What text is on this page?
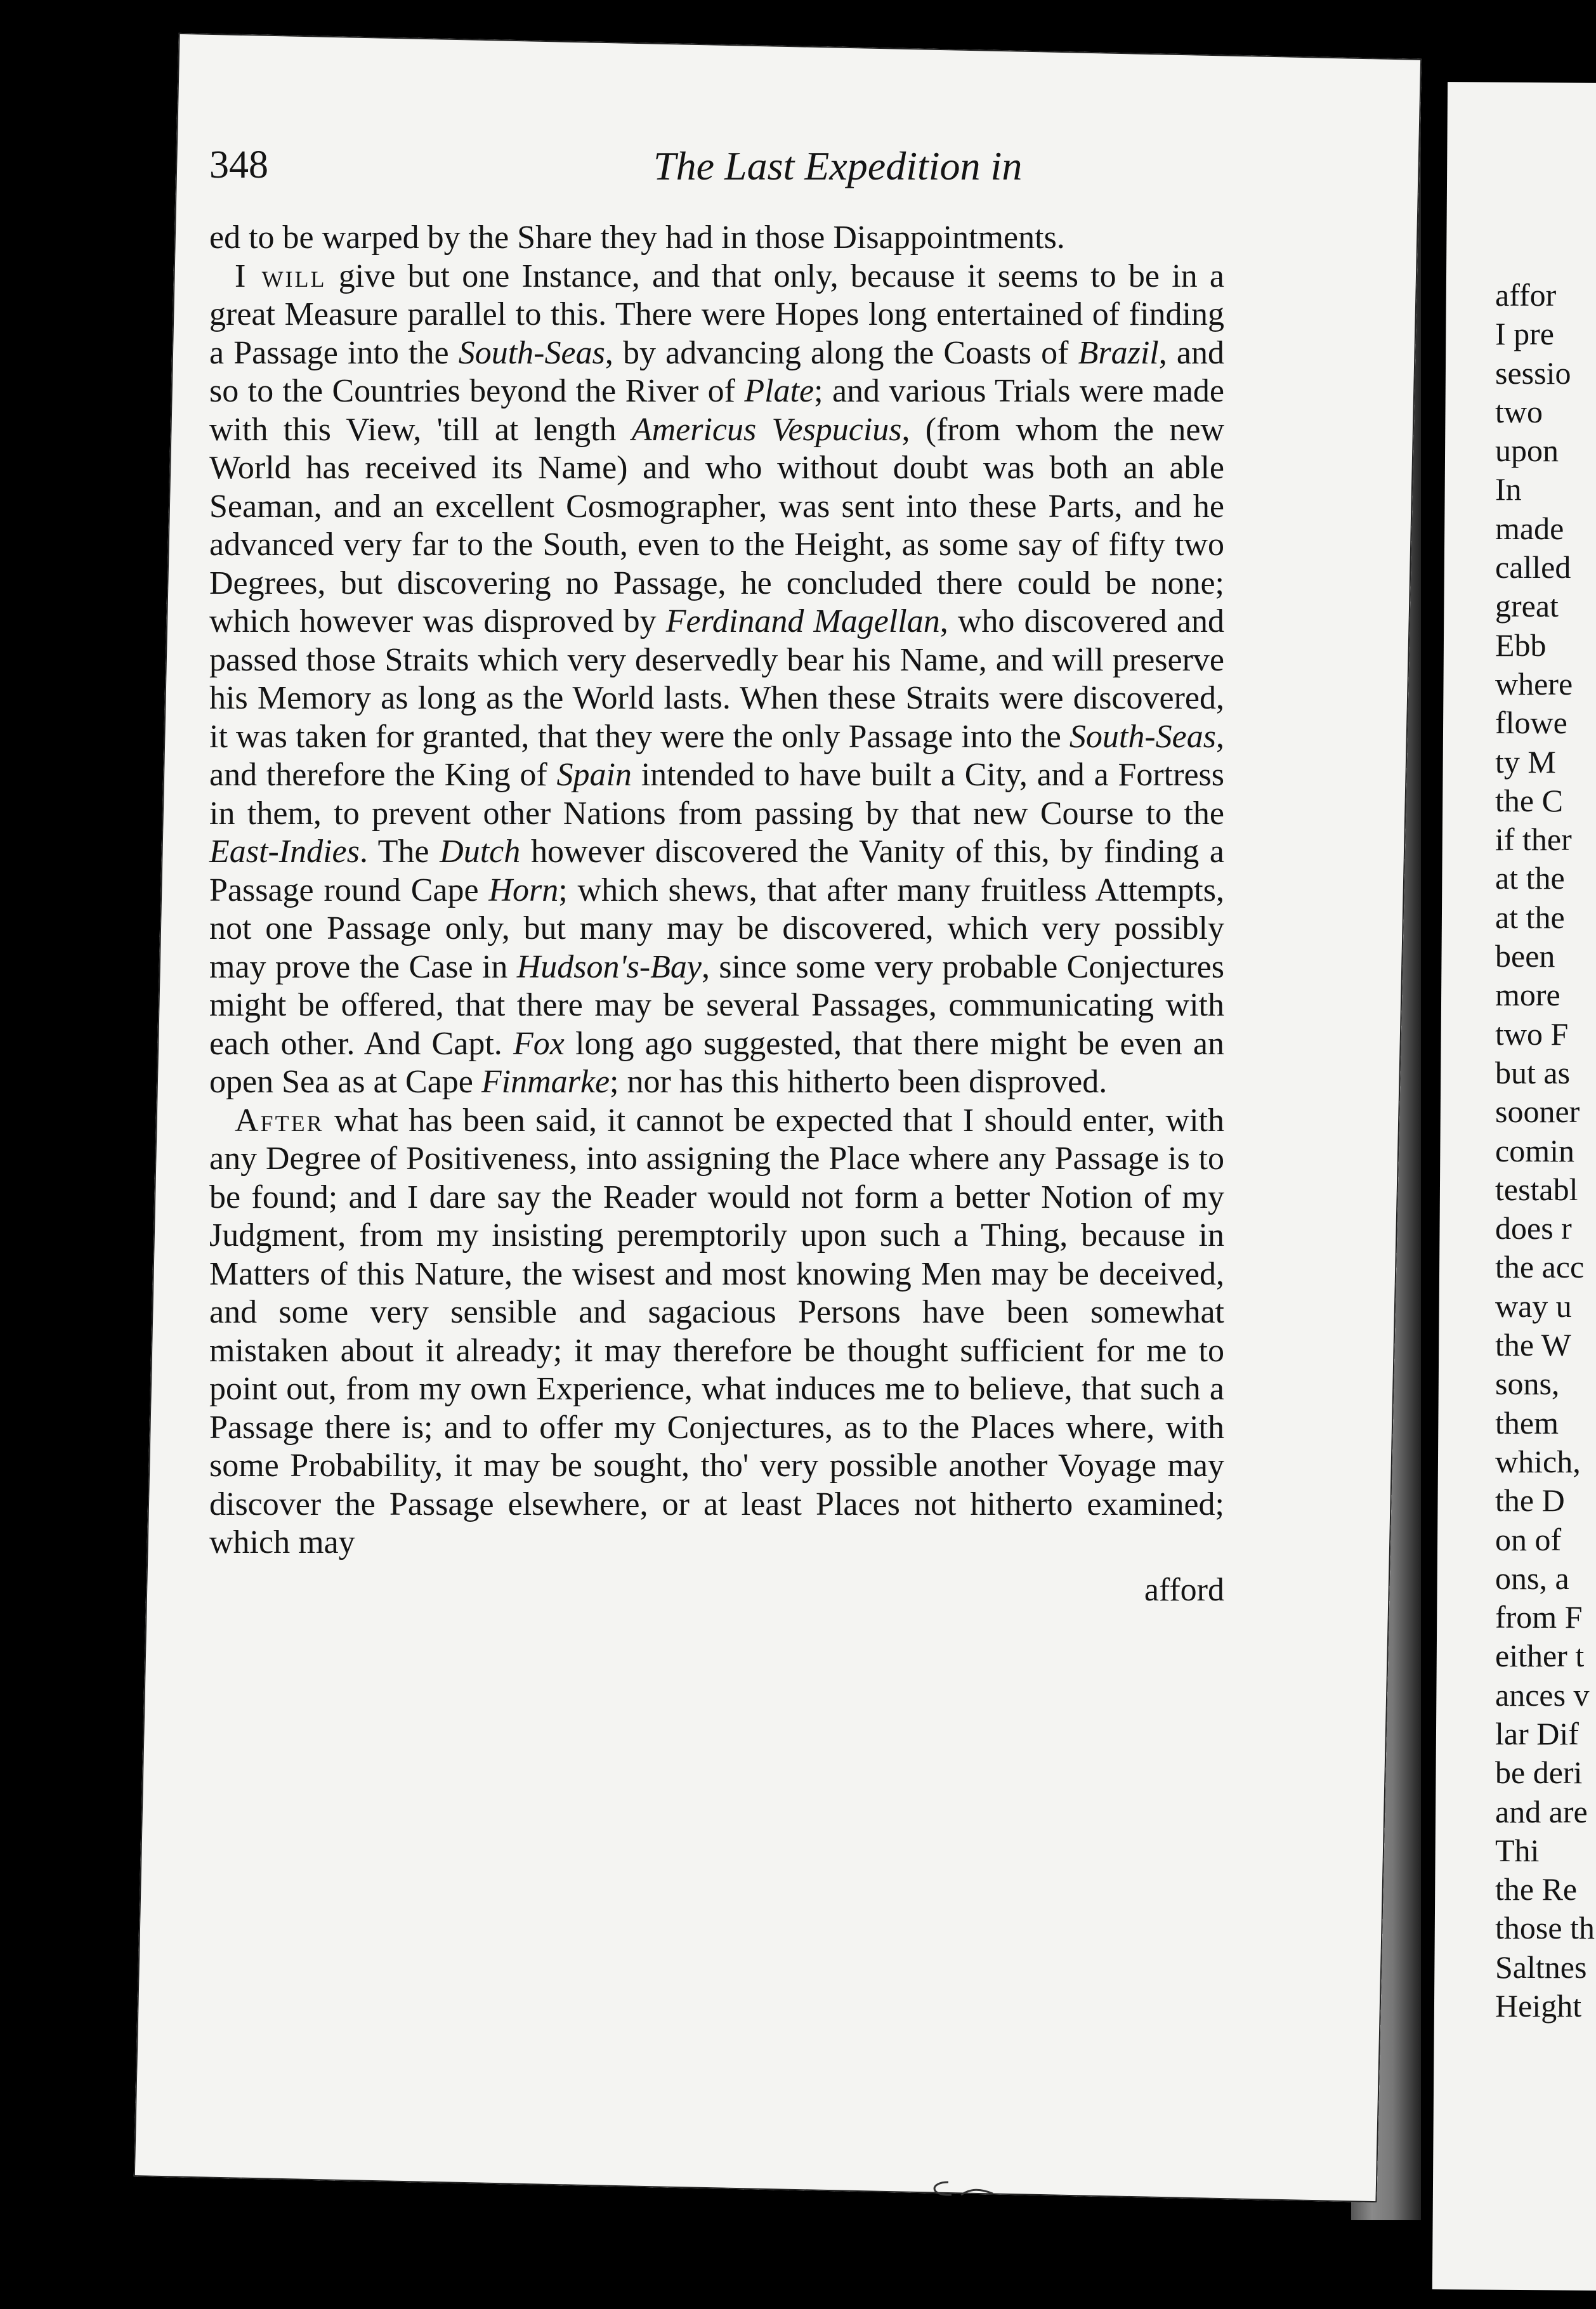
348	The Last Expedition in

ed to be warped by the Share they had in those Disappointments.

I will give but one Instance, and that only, because it seems to be in a great Measure parallel to this. There were Hopes long entertained of finding a Passage into the South-Seas, by advancing along the Coasts of Brazil, and so to the Countries beyond the River of Plate; and various Trials were made with this View, 'till at length Americus Vespucius, (from whom the new World has received its Name) and who without doubt was both an able Seaman, and an excellent Cosmographer, was sent into these Parts, and he advanced very far to the South, even to the Height, as some say of fifty two Degrees, but discovering no Passage, he concluded there could be none; which however was disproved by Ferdinand Magellan, who discovered and passed those Straits which very deservedly bear his Name, and will preserve his Memory as long as the World lasts. When these Straits were discovered, it was taken for granted, that they were the only Passage into the South-Seas, and therefore the King of Spain intended to have built a City, and a Fortress in them, to prevent other Nations from passing by that new Course to the East-Indies. The Dutch however discovered the Vanity of this, by finding a Passage round Cape Horn; which shews, that after many fruitless Attempts, not one Passage only, but many may be discovered, which very possibly may prove the Case in Hudson's-Bay, since some very probable Conjectures might be offered, that there may be several Passages, communicating with each other. And Capt. Fox long ago suggested, that there might be even an open Sea as at Cape Finmarke; nor has this hitherto been disproved.

After what has been said, it cannot be expected that I should enter, with any Degree of Positiveness, into assigning the Place where any Passage is to be found; and I dare say the Reader would not form a better Notion of my Judgment, from my insisting peremptorily upon such a Thing, because in Matters of this Nature, the wisest and most knowing Men may be deceived, and some very sensible and sagacious Persons have been somewhat mistaken about it already; it may therefore be thought sufficient for me to point out, from my own Experience, what induces me to believe, that such a Passage there is; and to offer my Conjectures, as to the Places where, with some Probability, it may be sought, tho' very possible another Voyage may discover the Passage elsewhere, or at least Places not hitherto examined; which may

afford
affor
I pre
sessio
two
upon
In
made
called
great
Ebb
where
flowe
ty M
the C
if ther
at the
at the
been
more
two F
but as
sooner
comin
testabl
does r
the acc
way u
the W
sons,
them
which,
the D
on of
ons, a
from F
either t
ances v
lar Dif
be deri
and are
Thi
the Re
those th
Saltnes
Height
